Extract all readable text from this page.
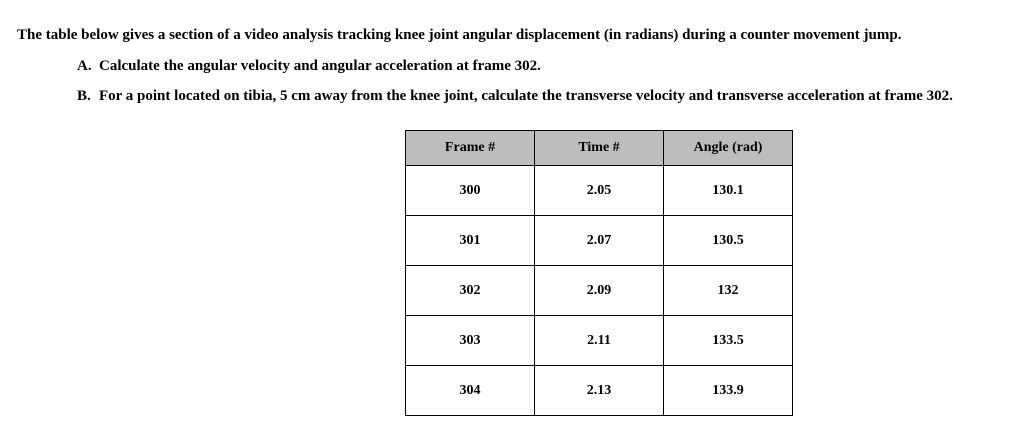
The table below gives a section of a video analysis tracking knee joint angular displacement (in radians) during a counter movement jump.
A. Calculate the angular velocity and angular acceleration at frame 302.
B. For a point located on tibia, 5 cm away from the knee joint, calculate the transverse velocity and transverse acceleration at frame 302.
Frame #	Time #	Angle (rad)
300	2.05	130.1
301	2.07	130.5
302	2.09	132
303	2.11	133.5
304	2.13	133.9
